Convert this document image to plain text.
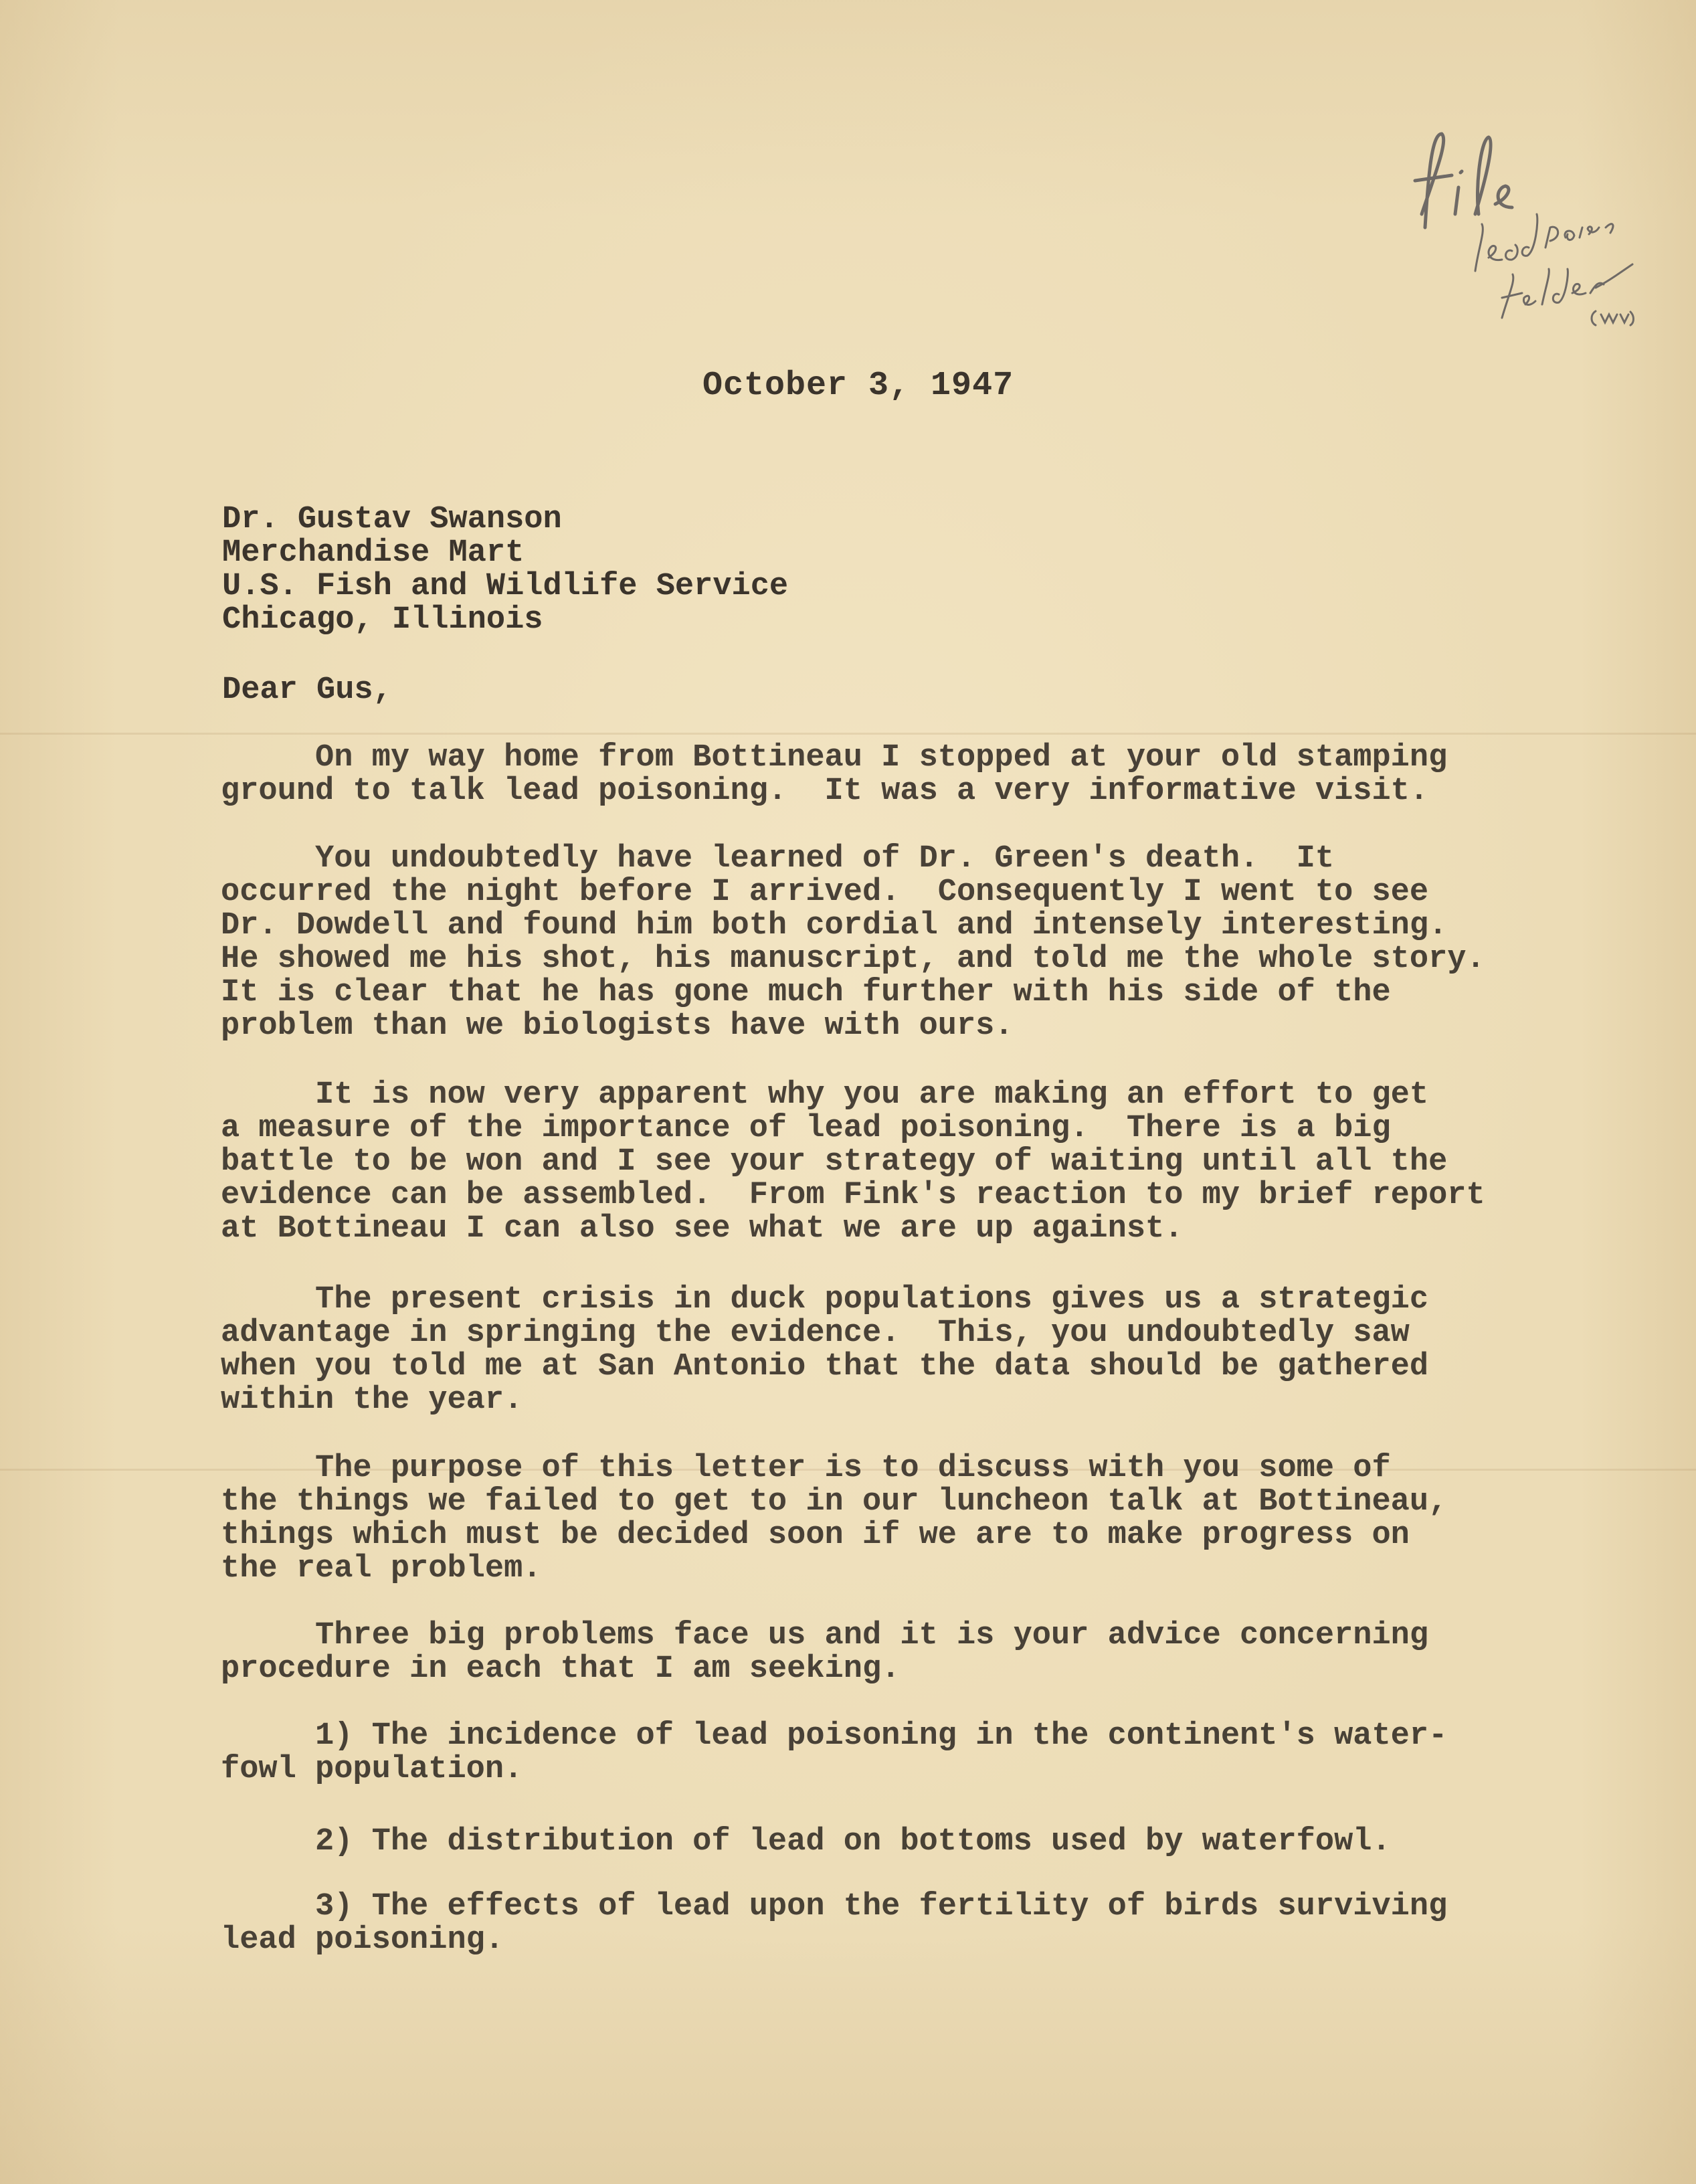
October 3, 1947
Dr. Gustav Swanson
Merchandise Mart
U.S. Fish and Wildlife Service
Chicago, Illinois
Dear Gus,
On my way home from Bottineau I stopped at your old stamping
ground to talk lead poisoning.  It was a very informative visit.
You undoubtedly have learned of Dr. Green's death.  It
occurred the night before I arrived.  Consequently I went to see
Dr. Dowdell and found him both cordial and intensely interesting.
He showed me his shot, his manuscript, and told me the whole story.
It is clear that he has gone much further with his side of the
problem than we biologists have with ours.
It is now very apparent why you are making an effort to get
a measure of the importance of lead poisoning.  There is a big
battle to be won and I see your strategy of waiting until all the
evidence can be assembled.  From Fink's reaction to my brief report
at Bottineau I can also see what we are up against.
The present crisis in duck populations gives us a strategic
advantage in springing the evidence.  This, you undoubtedly saw
when you told me at San Antonio that the data should be gathered
within the year.
The purpose of this letter is to discuss with you some of
the things we failed to get to in our luncheon talk at Bottineau,
things which must be decided soon if we are to make progress on
the real problem.
Three big problems face us and it is your advice concerning
procedure in each that I am seeking.
1) The incidence of lead poisoning in the continent's water-
fowl population.
2) The distribution of lead on bottoms used by waterfowl.
3) The effects of lead upon the fertility of birds surviving
lead poisoning.
